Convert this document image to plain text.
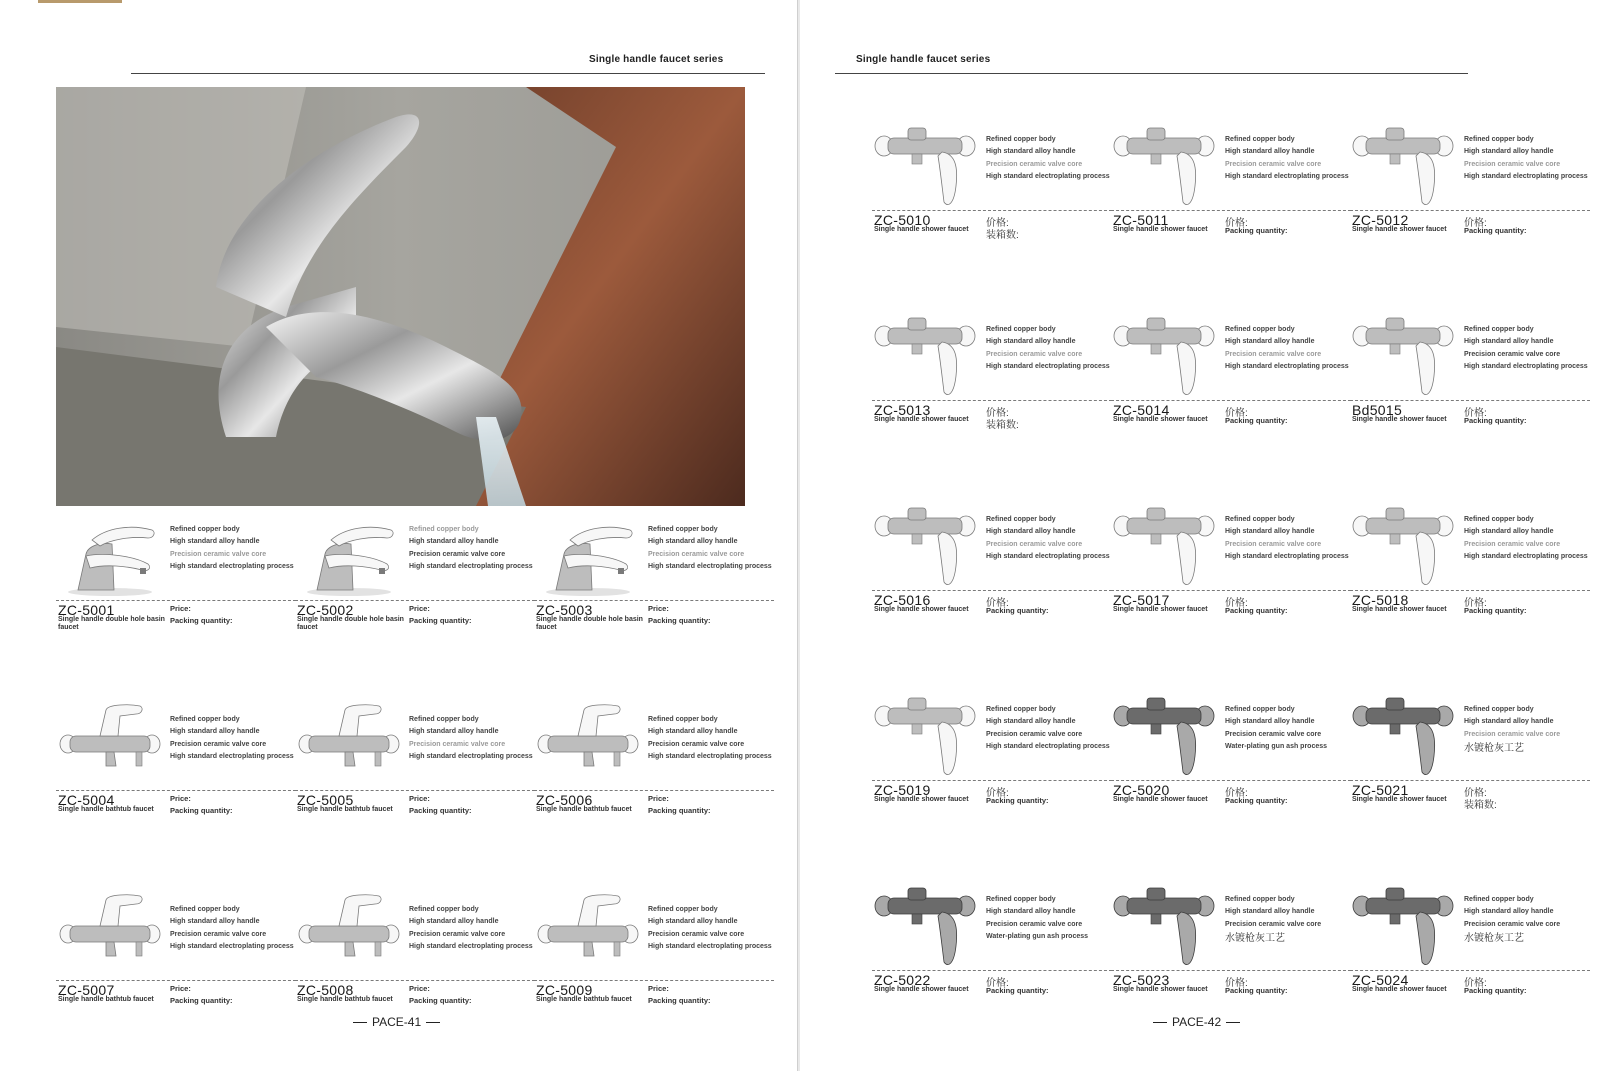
Single handle faucet series
Refined copper body
High standard alloy handle
Precision ceramic valve core
High standard electroplating process
ZC-5001
Single handle double hole basin faucet
Price:
Packing quantity:
Refined copper body
High standard alloy handle
Precision ceramic valve core
High standard electroplating process
ZC-5002
Single handle double hole basin faucet
Price:
Packing quantity:
Refined copper body
High standard alloy handle
Precision ceramic valve core
High standard electroplating process
ZC-5003
Single handle double hole basin faucet
Price:
Packing quantity:
Refined copper body
High standard alloy handle
Precision ceramic valve core
High standard electroplating process
ZC-5004
Single handle bathtub faucet
Price:
Packing quantity:
Refined copper body
High standard alloy handle
Precision ceramic valve core
High standard electroplating process
ZC-5005
Single handle bathtub faucet
Price:
Packing quantity:
Refined copper body
High standard alloy handle
Precision ceramic valve core
High standard electroplating process
ZC-5006
Single handle bathtub faucet
Price:
Packing quantity:
Refined copper body
High standard alloy handle
Precision ceramic valve core
High standard electroplating process
ZC-5007
Single handle bathtub faucet
Price:
Packing quantity:
Refined copper body
High standard alloy handle
Precision ceramic valve core
High standard electroplating process
ZC-5008
Single handle bathtub faucet
Price:
Packing quantity:
Refined copper body
High standard alloy handle
Precision ceramic valve core
High standard electroplating process
ZC-5009
Single handle bathtub faucet
Price:
Packing quantity:
PACE-41
Single handle faucet series
Refined copper body
High standard alloy handle
Precision ceramic valve core
High standard electroplating process
ZC-5010
Single handle shower faucet
价格:
装箱数:
Refined copper body
High standard alloy handle
Precision ceramic valve core
High standard electroplating process
ZC-5011
Single handle shower faucet
价格:
Packing quantity:
Refined copper body
High standard alloy handle
Precision ceramic valve core
High standard electroplating process
ZC-5012
Single handle shower faucet
价格:
Packing quantity:
Refined copper body
High standard alloy handle
Precision ceramic valve core
High standard electroplating process
ZC-5013
Single handle shower faucet
价格:
装箱数:
Refined copper body
High standard alloy handle
Precision ceramic valve core
High standard electroplating process
ZC-5014
Single handle shower faucet
价格:
Packing quantity:
Refined copper body
High standard alloy handle
Precision ceramic valve core
High standard electroplating process
Bd5015
Single handle shower faucet
价格:
Packing quantity:
Refined copper body
High standard alloy handle
Precision ceramic valve core
High standard electroplating process
ZC-5016
Single handle shower faucet
价格:
Packing quantity:
Refined copper body
High standard alloy handle
Precision ceramic valve core
High standard electroplating process
ZC-5017
Single handle shower faucet
价格:
Packing quantity:
Refined copper body
High standard alloy handle
Precision ceramic valve core
High standard electroplating process
ZC-5018
Single handle shower faucet
价格:
Packing quantity:
Refined copper body
High standard alloy handle
Precision ceramic valve core
High standard electroplating process
ZC-5019
Single handle shower faucet
价格:
Packing quantity:
Refined copper body
High standard alloy handle
Precision ceramic valve core
Water-plating gun ash process
ZC-5020
Single handle shower faucet
价格:
Packing quantity:
Refined copper body
High standard alloy handle
Precision ceramic valve core
水镀枪灰工艺
ZC-5021
Single handle shower faucet
价格:
装箱数:
Refined copper body
High standard alloy handle
Precision ceramic valve core
Water-plating gun ash process
ZC-5022
Single handle shower faucet
价格:
Packing quantity:
Refined copper body
High standard alloy handle
Precision ceramic valve core
水镀枪灰工艺
ZC-5023
Single handle shower faucet
价格:
Packing quantity:
Refined copper body
High standard alloy handle
Precision ceramic valve core
水镀枪灰工艺
ZC-5024
Single handle shower faucet
价格:
Packing quantity:
PACE-42
